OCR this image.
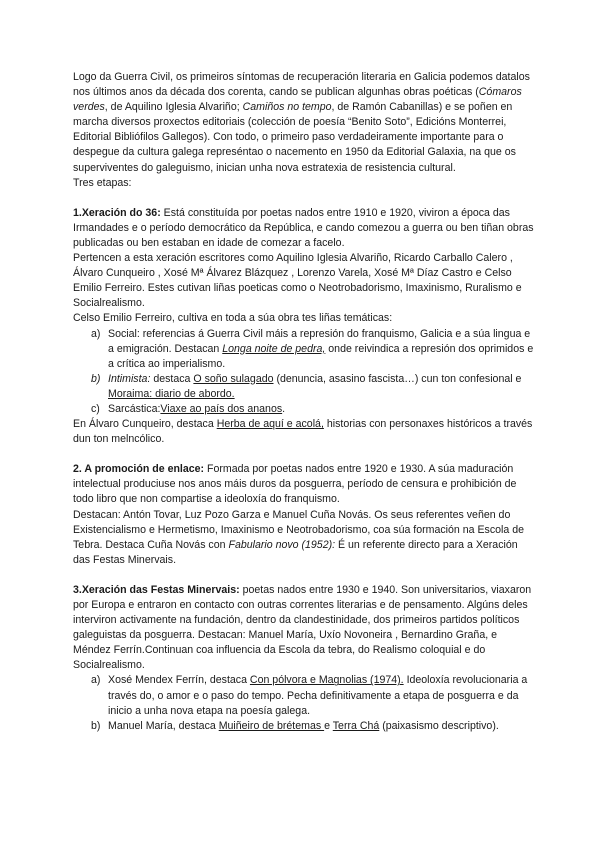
Logo da Guerra Civil, os primeiros síntomas de recuperación literaria en Galicia podemos datalos nos últimos anos da década dos corenta, cando se publican algunhas obras poéticas (Cómaros verdes, de Aquilino Iglesia Alvariño; Camiños no tempo, de Ramón Cabanillas) e se poñen en marcha diversos proxectos editoriais (colección de poesía “Benito Soto”, Edicións Monterrei, Editorial Bibliófilos Gallegos). Con todo, o primeiro paso verdadeiramente importante para o despegue da cultura galega represéntao o nacemento en 1950 da Editorial Galaxia, na que os superviventes do galeguismo, inician unha nova estratexia de resistencia cultural.

Tres etapas:

1.Xeración do 36: Está constituída por poetas nados entre 1910 e 1920, viviron a época das Irmandades e o período democrático da República, e cando comezou a guerra ou ben tiñan obras publicadas ou ben estaban en idade de comezar a facelo.

Pertencen a esta xeración escritores como Aquilino Iglesia Alvariño, Ricardo Carballo Calero , Álvaro Cunqueiro , Xosé Mª Álvarez Blázquez , Lorenzo Varela, Xosé Mª Díaz Castro e Celso Emilio Ferreiro. Estes cutivan liñas poeticas como o Neotrobadorismo, Imaxinismo, Ruralismo e Socialrealismo.

Celso Emilio Ferreiro, cultiva en toda a súa obra tes liñas temáticas:

a) Social: referencias á Guerra Civil máis a represión do franquismo, Galicia e a súa lingua e a emigración. Destacan Longa noite de pedra, onde reivindica a represión dos oprimidos e a crítica ao imperialismo.
b) Intimista: destaca O soño sulagado (denuncia, asasino fascista…) cun ton confesional e Moraima: diario de abordo.
c) Sarcástica:Viaxe ao país dos ananos.

En Álvaro Cunqueiro, destaca Herba de aquí e acolá, historias con personaxes históricos a través dun ton melncólico.

2. A promoción de enlace: Formada por poetas nados entre 1920 e 1930. A súa maduración intelectual produciuse nos anos máis duros da posguerra, período de censura e prohibición de todo libro que non compartise a ideoloxía do franquismo.

Destacan: Antón Tovar, Luz Pozo Garza e Manuel Cuña Novás. Os seus referentes veñen do Existencialismo e Hermetismo, Imaxinismo e Neotrobadorismo, coa súa formación na Escola de Tebra. Destaca Cuña Novás con Fabulario novo (1952): É un referente directo para a Xeración das Festas Minervais.

3.Xeración das Festas Minervais: poetas nados entre 1930 e 1940. Son universitarios, viaxaron por Europa e entraron en contacto con outras correntes literarias e de pensamento. Algúns deles interviron activamente na fundación, dentro da clandestinidade, dos primeiros partidos políticos galeguistas da posguerra. Destacan: Manuel María, Uxío Novoneira , Bernardino Graña, e Méndez Ferrín.Continuan coa influencia da Escola da tebra, do Realismo coloquial e do Socialrealismo.

a) Xosé Mendex Ferrín, destaca Con pólvora e Magnolias (1974). Ideoloxía revolucionaria a través do, o amor e o paso do tempo. Pecha definitivamente a etapa de posguerra e da inicio a unha nova etapa na poesía galega.
b) Manuel María, destaca Muiñeiro de brétemas e Terra Chá (paixasismo descriptivo).
